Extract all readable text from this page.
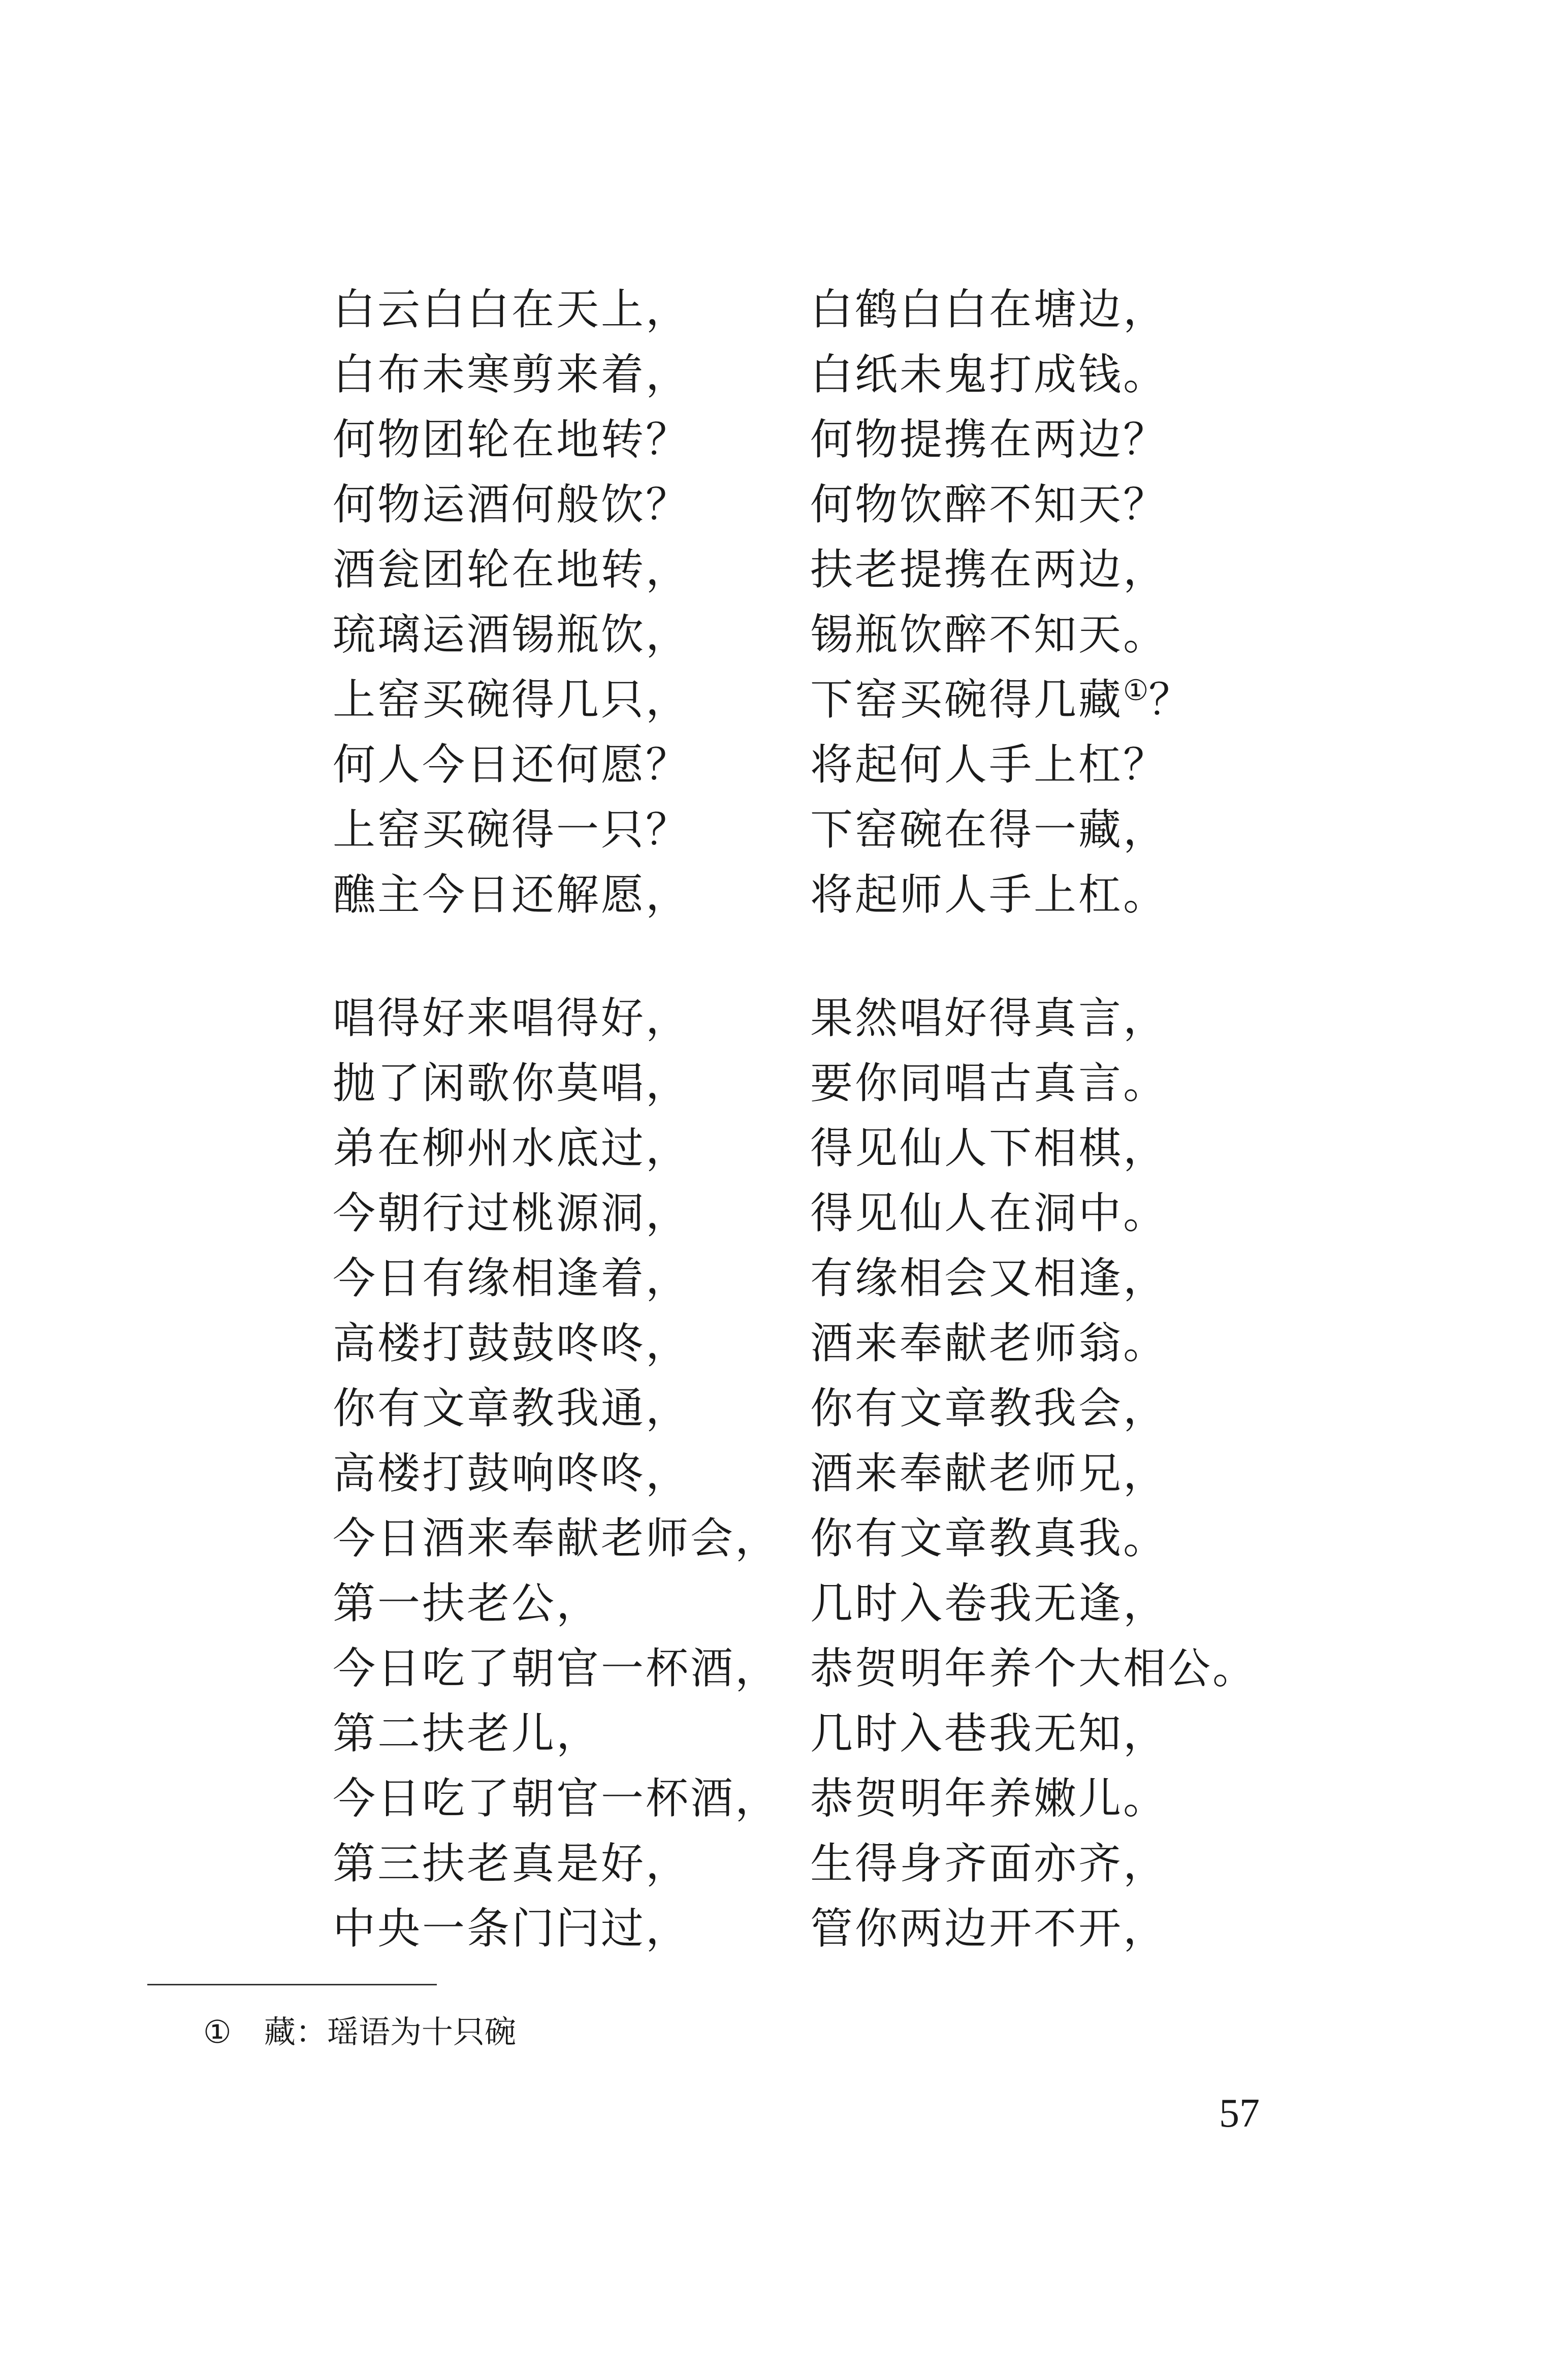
白云白白在天上，	白鹤白白在塘边，
白布未寒剪来着，	白纸未鬼打成钱。
何物团轮在地转？	何物提携在两边？
何物运酒何般饮？	何物饮醉不知天？
酒瓮团轮在地转，	扶老提携在两边，
琉璃运酒锡瓶饮，	锡瓶饮醉不知天。
上窑买碗得几只，	下窑买碗得几藏①？
何人今日还何愿？	将起何人手上杠？
上窑买碗得一只？	下窑碗在得一藏，
醮主今日还解愿，	将起师人手上杠。
唱得好来唱得好，	果然唱好得真言，
抛了闲歌你莫唱，	要你同唱古真言。
弟在柳州水底过，	得见仙人下相棋，
今朝行过桃源洞，	得见仙人在洞中。
今日有缘相逢着，	有缘相会又相逢，
高楼打鼓鼓咚咚，	酒来奉献老师翁。
你有文章教我通，	你有文章教我会，
高楼打鼓响咚咚，	酒来奉献老师兄，
今日酒来奉献老师会， 你有文章教真我。
第一扶老公，	几时入卷我无逢，
今日吃了朝官一杯酒， 恭贺明年养个大相公。
第二扶老儿，	几时入巷我无知，
今日吃了朝官一杯酒， 恭贺明年养嫩儿。
第三扶老真是好，	生得身齐面亦齐，
中央一条门闩过，	管你两边开不开，
① 藏：瑶语为十只碗
57
